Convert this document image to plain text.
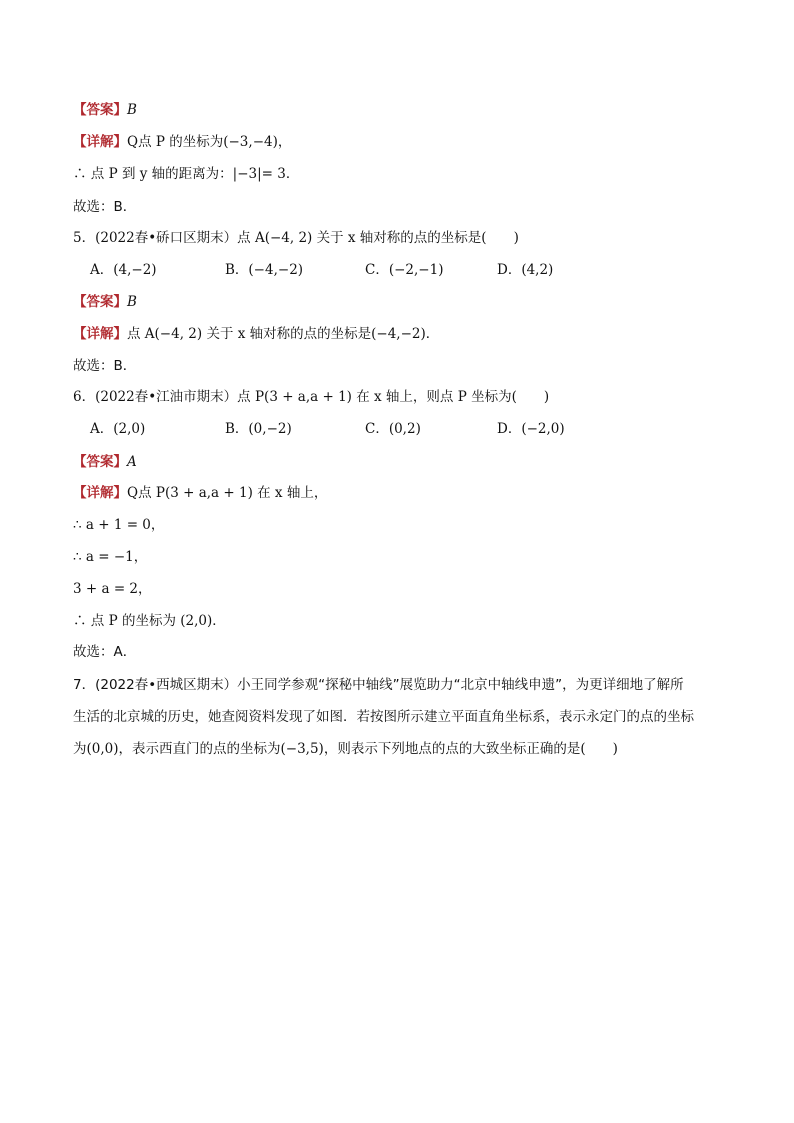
【答案】B
【详解】Q点 P 的坐标为(−3,−4)，
∴ 点 P 到 y 轴的距离为：|−3|= 3．
故选：B．
5．(2022春•硚口区期末）点 A(−4, 2) 关于 x 轴对称的点的坐标是(　　)
A．(4,−2)	B．(−4,−2)	C．(−2,−1)	D．(4,2)
【答案】B
【详解】点 A(−4, 2) 关于 x 轴对称的点的坐标是(−4,−2)．
故选：B．
6．(2022春•江油市期末）点 P(3 + a,a + 1) 在 x 轴上，则点 P 坐标为(　　)
A．(2,0)	B．(0,−2)	C．(0,2)	D．(−2,0)
【答案】A
【详解】Q点 P(3 + a,a + 1) 在 x 轴上，
∴ a + 1 = 0，
∴ a = −1，
3 + a = 2，
∴ 点 P 的坐标为 (2,0)．
故选：A．
7．(2022春•西城区期末）小王同学参观“探秘中轴线”展览助力“北京中轴线申遗”，为更详细地了解所
生活的北京城的历史，她查阅资料发现了如图．若按图所示建立平面直角坐标系，表示永定门的点的坐标
为(0,0)，表示西直门的点的坐标为(−3,5)，则表示下列地点的点的大致坐标正确的是(　　)
